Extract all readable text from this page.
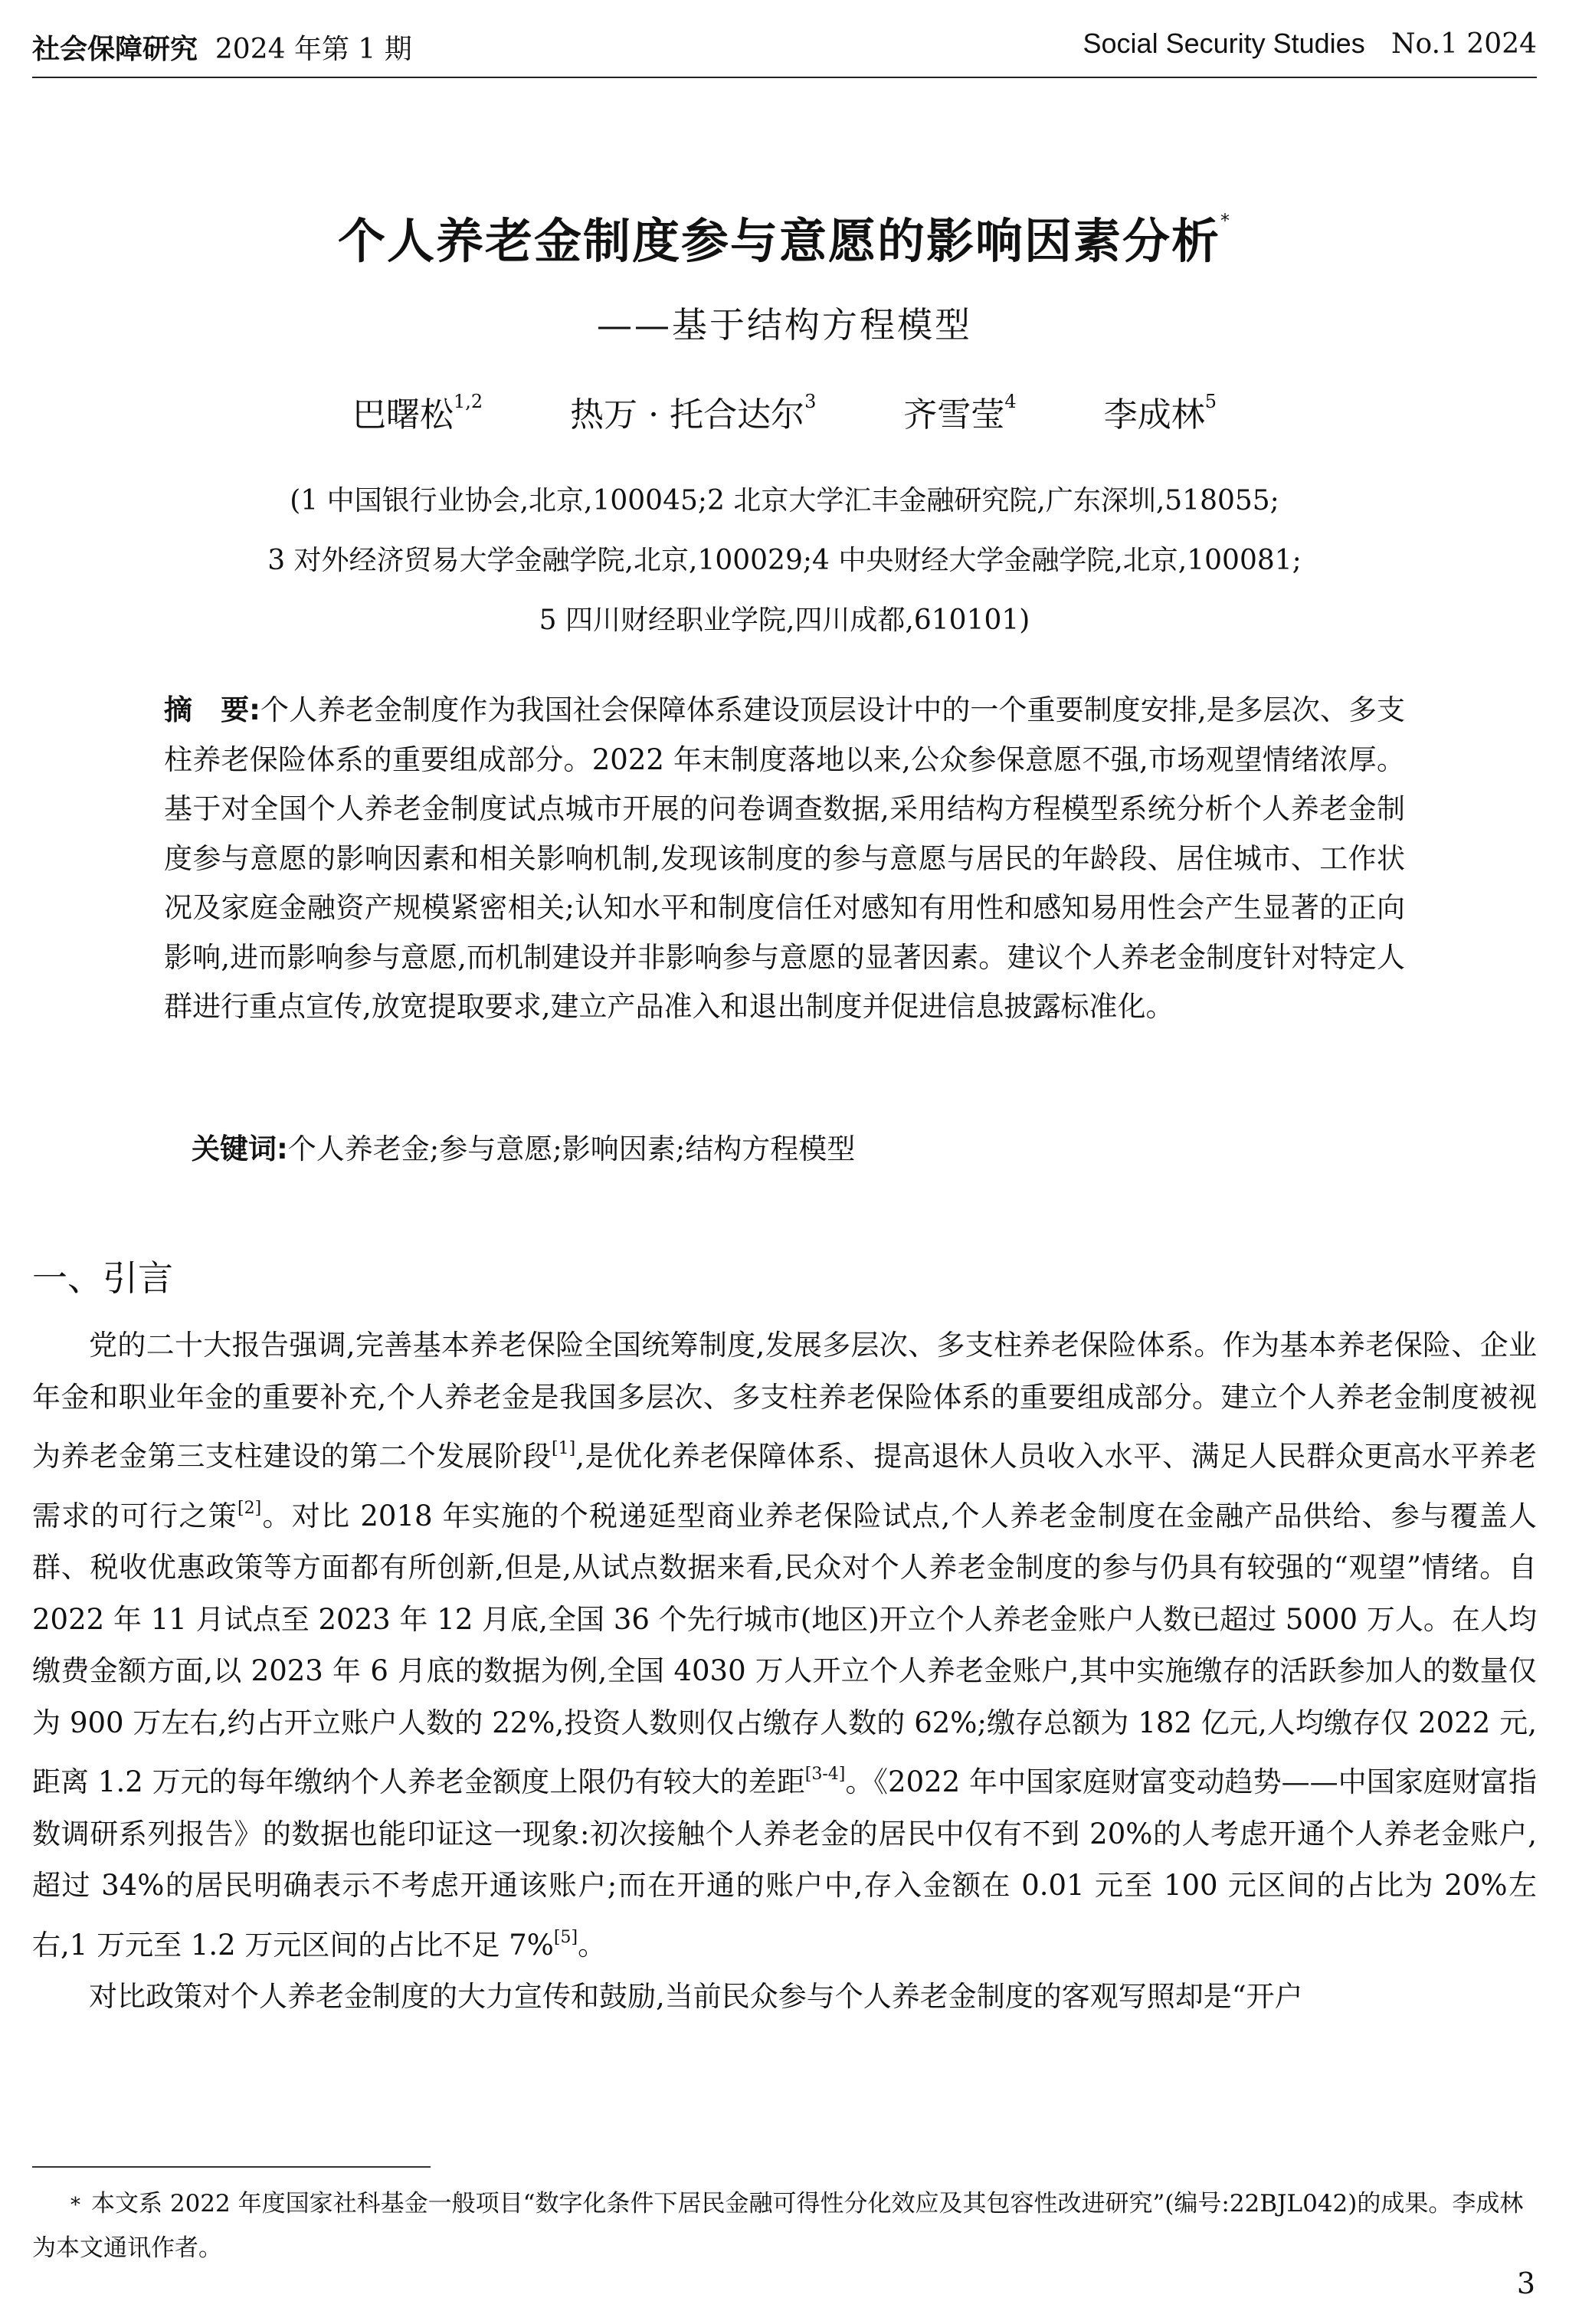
社会保障研究 2024 年第 1 期	Social Security Studies No.1 2024
个人养老金制度参与意愿的影响因素分析*
——基于结构方程模型
巴曙松$^{1,2}$	热万 · 托合达尔$^3$	齐雪莹$^4$	李成林$^5$
(1 中国银行业协会,北京,100045;2 北京大学汇丰金融研究院,广东深圳,518055;
3 对外经济贸易大学金融学院,北京,100029;4 中央财经大学金融学院,北京,100081;
5 四川财经职业学院,四川成都,610101)
摘　要:个人养老金制度作为我国社会保障体系建设顶层设计中的一个重要制度安排,是多层次、多支柱养老保险体系的重要组成部分。2022 年末制度落地以来,公众参保意愿不强,市场观望情绪浓厚。基于对全国个人养老金制度试点城市开展的问卷调查数据,采用结构方程模型系统分析个人养老金制度参与意愿的影响因素和相关影响机制,发现该制度的参与意愿与居民的年龄段、居住城市、工作状况及家庭金融资产规模紧密相关;认知水平和制度信任对感知有用性和感知易用性会产生显著的正向影响,进而影响参与意愿,而机制建设并非影响参与意愿的显著因素。建议个人养老金制度针对特定人群进行重点宣传,放宽提取要求,建立产品准入和退出制度并促进信息披露标准化。
关键词:个人养老金;参与意愿;影响因素;结构方程模型
一、引言

党的二十大报告强调,完善基本养老保险全国统筹制度,发展多层次、多支柱养老保险体系。作为基本养老保险、企业年金和职业年金的重要补充,个人养老金是我国多层次、多支柱养老保险体系的重要组成部分。建立个人养老金制度被视为养老金第三支柱建设的第二个发展阶段[1],是优化养老保障体系、提高退休人员收入水平、满足人民群众更高水平养老需求的可行之策[2]。对比 2018 年实施的个税递延型商业养老保险试点,个人养老金制度在金融产品供给、参与覆盖人群、税收优惠政策等方面都有所创新,但是,从试点数据来看,民众对个人养老金制度的参与仍具有较强的“观望”情绪。自 2022 年 11 月试点至 2023 年 12 月底,全国 36 个先行城市(地区)开立个人养老金账户人数已超过 5000 万人。在人均缴费金额方面,以 2023 年 6 月底的数据为例,全国 4030 万人开立个人养老金账户,其中实施缴存的活跃参加人的数量仅为 900 万左右,约占开立账户人数的 22%,投资人数则仅占缴存人数的 62%;缴存总额为 182 亿元,人均缴存仅 2022 元,距离 1.2 万元的每年缴纳个人养老金额度上限仍有较大的差距[3-4]。《2022 年中国家庭财富变动趋势——中国家庭财富指数调研系列报告》的数据也能印证这一现象:初次接触个人养老金的居民中仅有不到 20%的人考虑开通个人养老金账户,超过 34%的居民明确表示不考虑开通该账户;而在开通的账户中,存入金额在 0.01 元至 100 元区间的占比为 20%左右,1 万元至 1.2 万元区间的占比不足 7%[5]。

对比政策对个人养老金制度的大力宣传和鼓励,当前民众参与个人养老金制度的客观写照却是“开户

* 本文系 2022 年度国家社科基金一般项目“数字化条件下居民金融可得性分化效应及其包容性改进研究”(编号:22BJL042)的成果。李成林为本文通讯作者。
3
